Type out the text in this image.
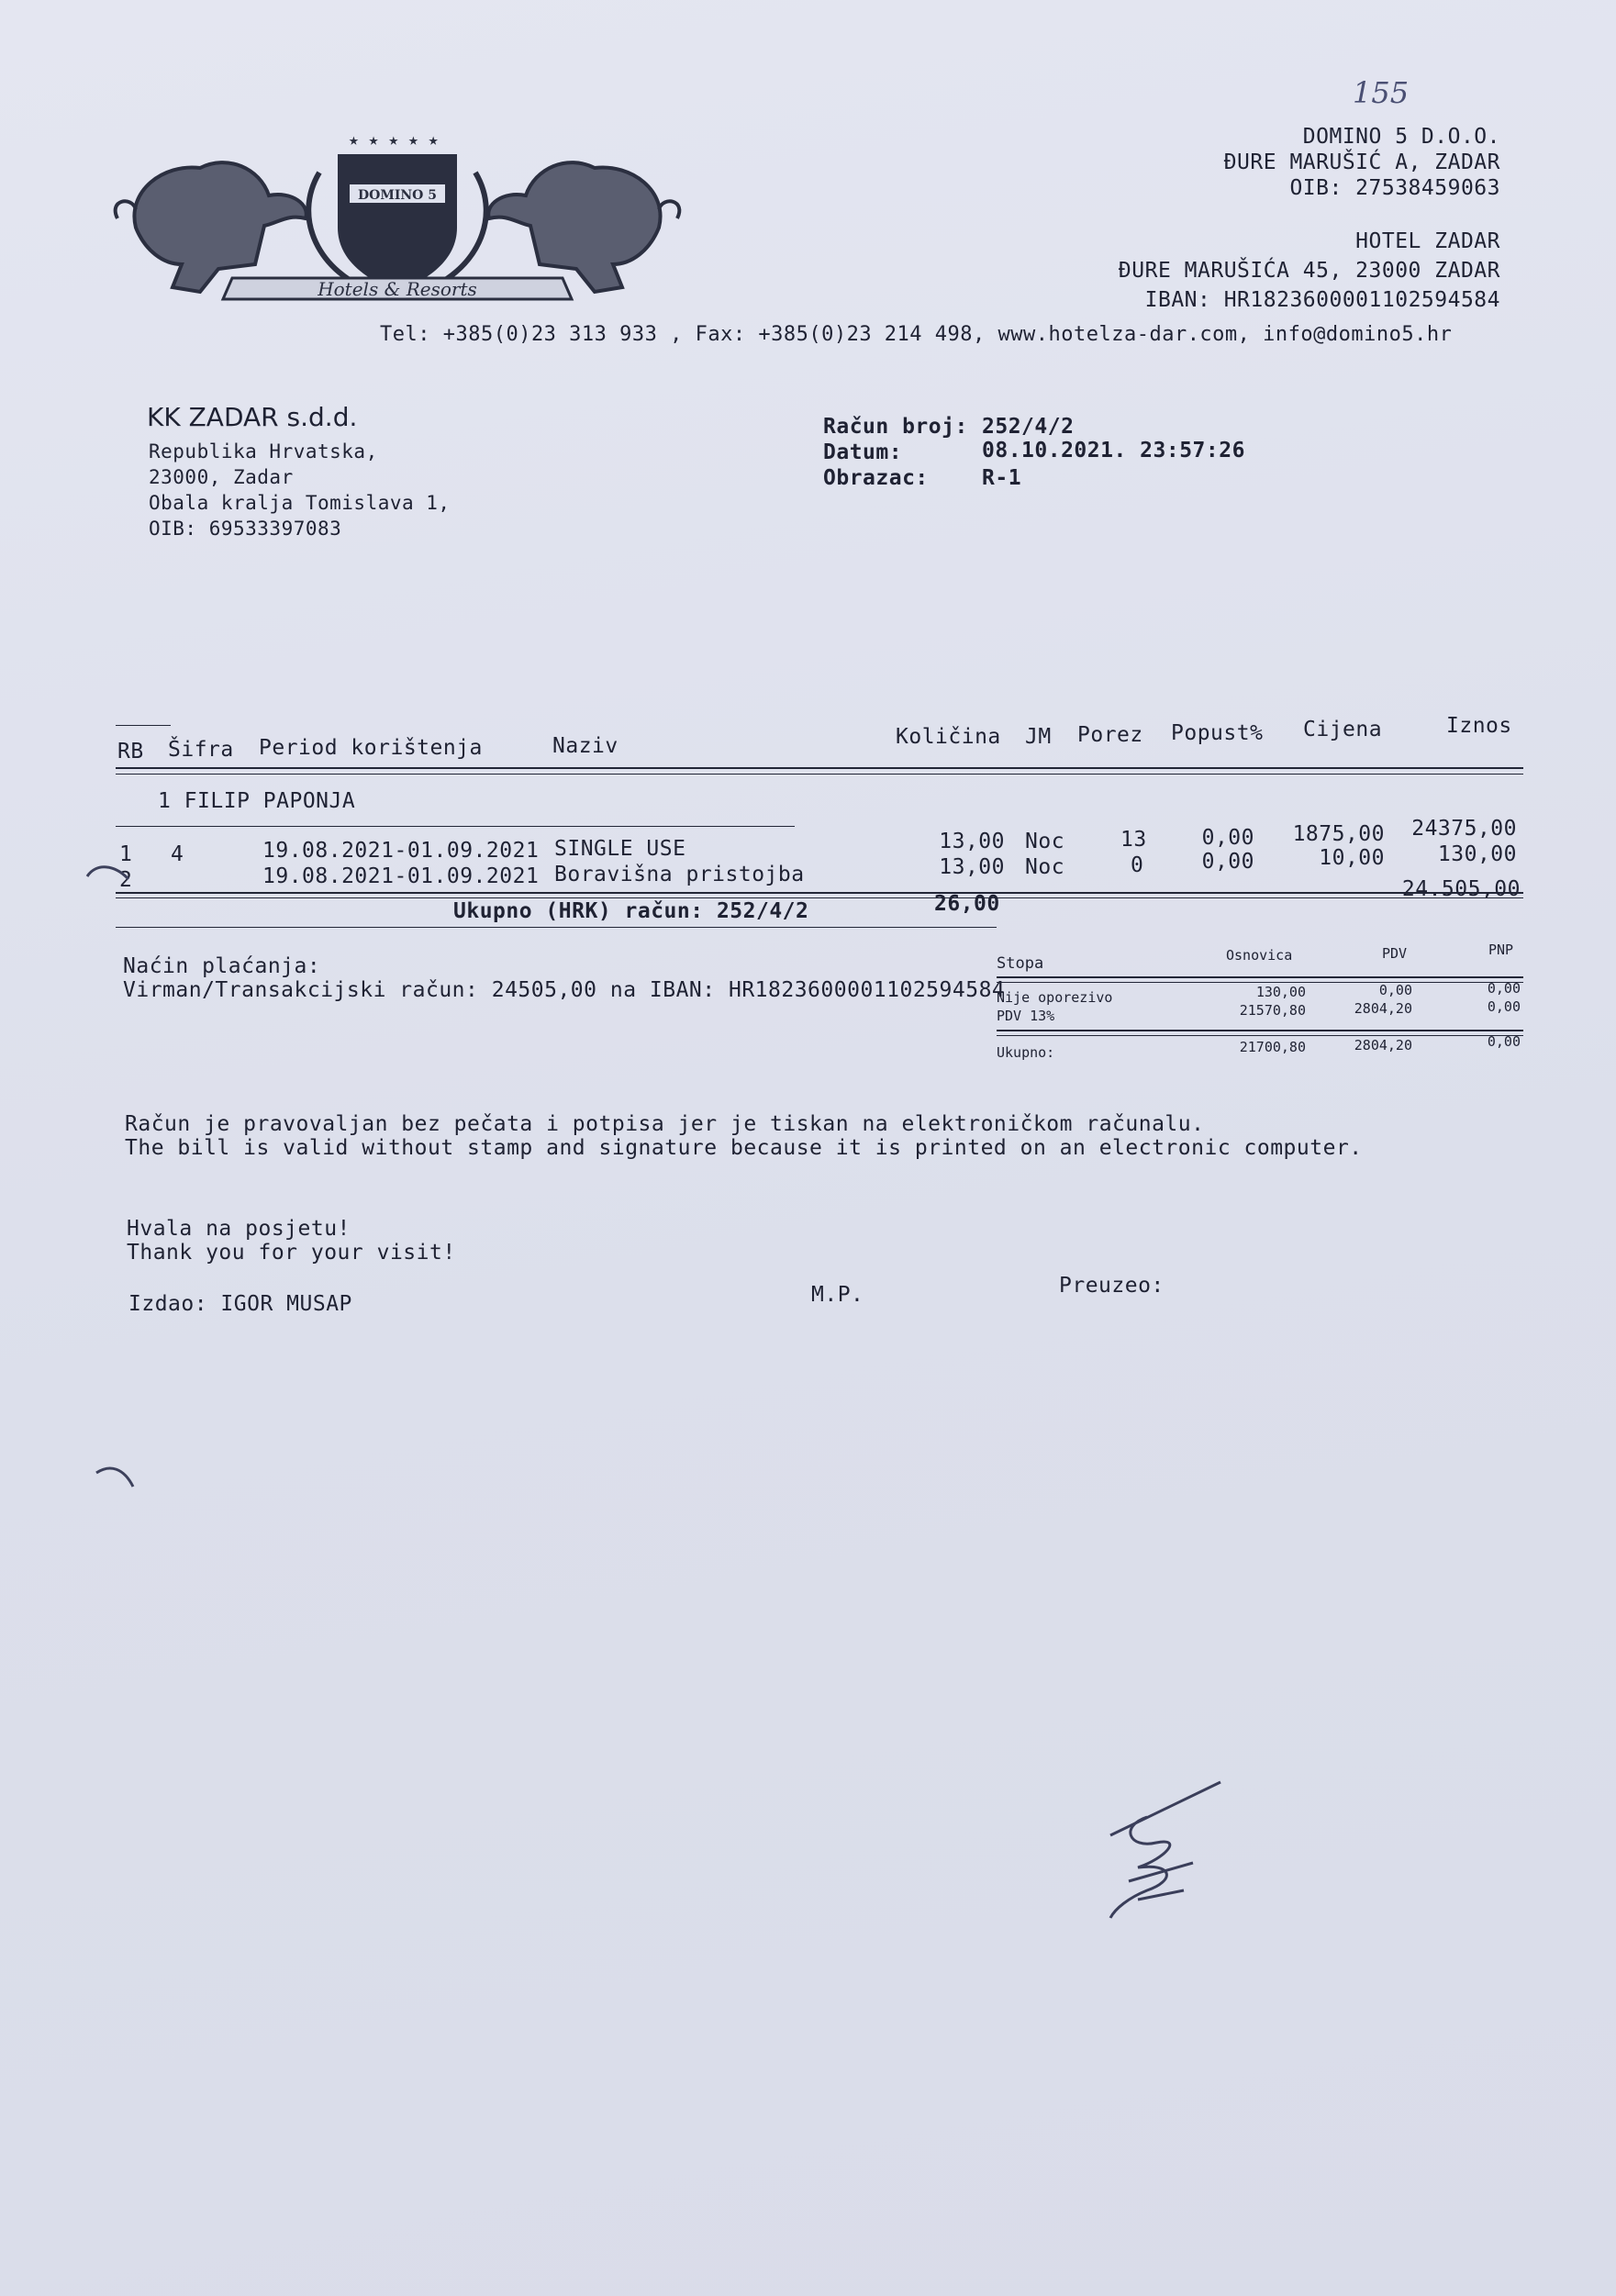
155
★ ★ ★ ★ ★
DOMINO 5
Hotels & Resorts
DOMINO 5 D.O.O.
ĐURE MARUŠIĆ A, ZADAR
OIB: 27538459063
HOTEL ZADAR
ĐURE MARUŠIĆA 45, 23000 ZADAR
IBAN: HR1823600001102594584
Tel: +385(0)23 313 933 , Fax: +385(0)23 214 498, www.hotelza-dar.com, info@domino5.hr
KK ZADAR s.d.d.
Republika Hrvatska,
23000, Zadar
Obala kralja Tomislava 1,
OIB: 69533397083
Račun broj: 252/4/2
Datum:	08.10.2021. 23:57:26
Obrazac:	R-1
RB Šifra Period korištenja	Naziv	Količina JM Porez Popust% Cijena	Iznos
1 FILIP PAPONJA
1 4	19.08.2021-01.09.2021 SINGLE USE	13,00 Noc	13	0,00 1875,00 24375,00
2	19.08.2021-01.09.2021 Boravišna pristojba	13,00 Noc	0	0,00	10,00	130,00
24.505,00
Ukupno (HRK) račun: 252/4/2	26,00
Naćin plaćanja:
Virman/Transakcijski račun: 24505,00 na IBAN: HR1823600001102594584
Stopa	Osnovica	PDV	PNP
Nije oporezivo	130,00	0,00	0,00
PDV 13%	21570,80	2804,20	0,00
Ukupno:	21700,80	2804,20	0,00
Račun je pravovaljan bez pečata i potpisa jer je tiskan na elektroničkom računalu.
The bill is valid without stamp and signature because it is printed on an electronic computer.
Hvala na posjetu!
Thank you for your visit!
Izdao: IGOR MUSAP	M.P.	Preuzeo:
